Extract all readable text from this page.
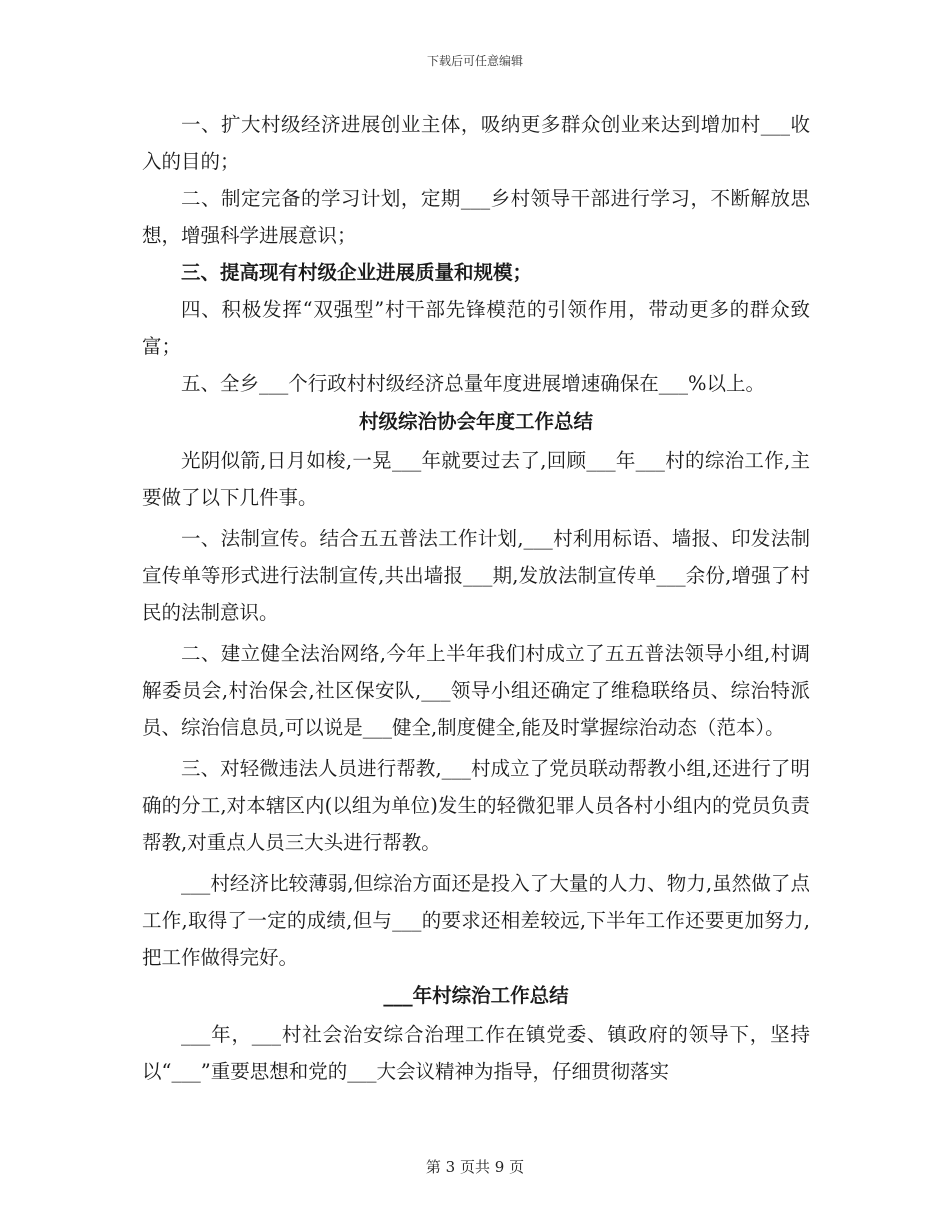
下载后可任意编辑

一、扩大村级经济进展创业主体，吸纳更多群众创业来达到增加村___收入的目的；

二、制定完备的学习计划，定期___乡村领导干部进行学习，不断解放思想，增强科学进展意识；

三、提高现有村级企业进展质量和规模；

四、积极发挥“双强型”村干部先锋模范的引领作用，带动更多的群众致富；

五、全乡___个行政村村级经济总量年度进展增速确保在___%以上。

村级综治协会年度工作总结

光阴似箭,日月如梭,一晃___年就要过去了,回顾___年___村的综治工作,主要做了以下几件事。

一、法制宣传。结合五五普法工作计划,___村利用标语、墙报、印发法制宣传单等形式进行法制宣传,共出墙报___期,发放法制宣传单___余份,增强了村民的法制意识。

二、建立健全法治网络,今年上半年我们村成立了五五普法领导小组,村调解委员会,村治保会,社区保安队,___领导小组还确定了维稳联络员、综治特派员、综治信息员,可以说是___健全,制度健全,能及时掌握综治动态（范本）。

三、对轻微违法人员进行帮教,___村成立了党员联动帮教小组,还进行了明确的分工,对本辖区内(以组为单位)发生的轻微犯罪人员各村小组内的党员负责帮教,对重点人员三大头进行帮教。

___村经济比较薄弱,但综治方面还是投入了大量的人力、物力,虽然做了点工作,取得了一定的成绩,但与___的要求还相差较远,下半年工作还要更加努力,把工作做得完好。

___年村综治工作总结

___年，___村社会治安综合治理工作在镇党委、镇政府的领导下，坚持以“___”重要思想和党的___大会议精神为指导，仔细贯彻落实

第 3 页共 9 页
